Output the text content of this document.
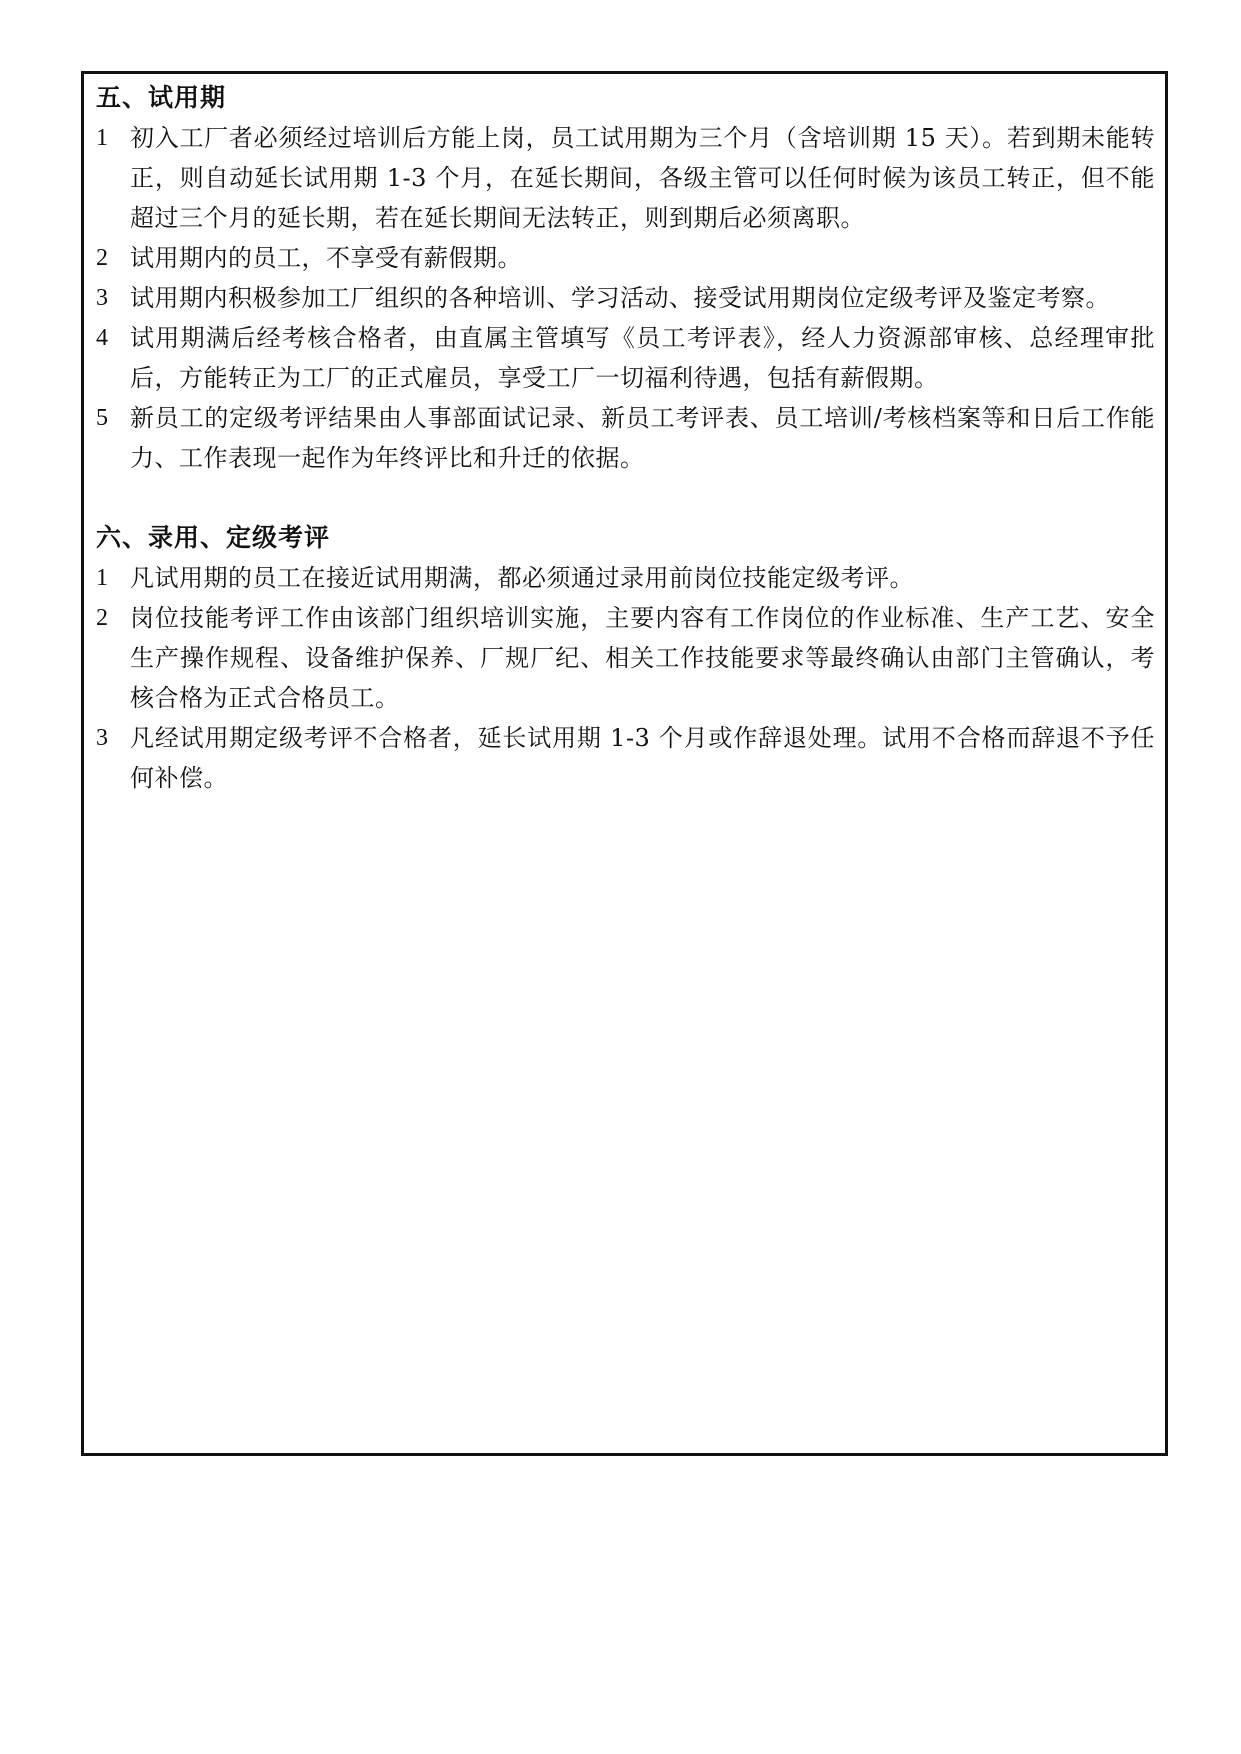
五、试用期
1 初入工厂者必须经过培训后方能上岗，员工试用期为三个月（含培训期 15 天）。若到期未能转正，则自动延长试用期 1-3 个月，在延长期间，各级主管可以任何时候为该员工转正，但不能超过三个月的延长期，若在延长期间无法转正，则到期后必须离职。
2 试用期内的员工，不享受有薪假期。
3 试用期内积极参加工厂组织的各种培训、学习活动、接受试用期岗位定级考评及鉴定考察。
4 试用期满后经考核合格者，由直属主管填写《员工考评表》，经人力资源部审核、总经理审批后，方能转正为工厂的正式雇员，享受工厂一切福利待遇，包括有薪假期。
5 新员工的定级考评结果由人事部面试记录、新员工考评表、员工培训/考核档案等和日后工作能力、工作表现一起作为年终评比和升迁的依据。
六、录用、定级考评
1 凡试用期的员工在接近试用期满，都必须通过录用前岗位技能定级考评。
2 岗位技能考评工作由该部门组织培训实施，主要内容有工作岗位的作业标准、生产工艺、安全生产操作规程、设备维护保养、厂规厂纪、相关工作技能要求等最终确认由部门主管确认，考核合格为正式合格员工。
3 凡经试用期定级考评不合格者，延长试用期 1-3 个月或作辞退处理。试用不合格而辞退不予任何补偿。
